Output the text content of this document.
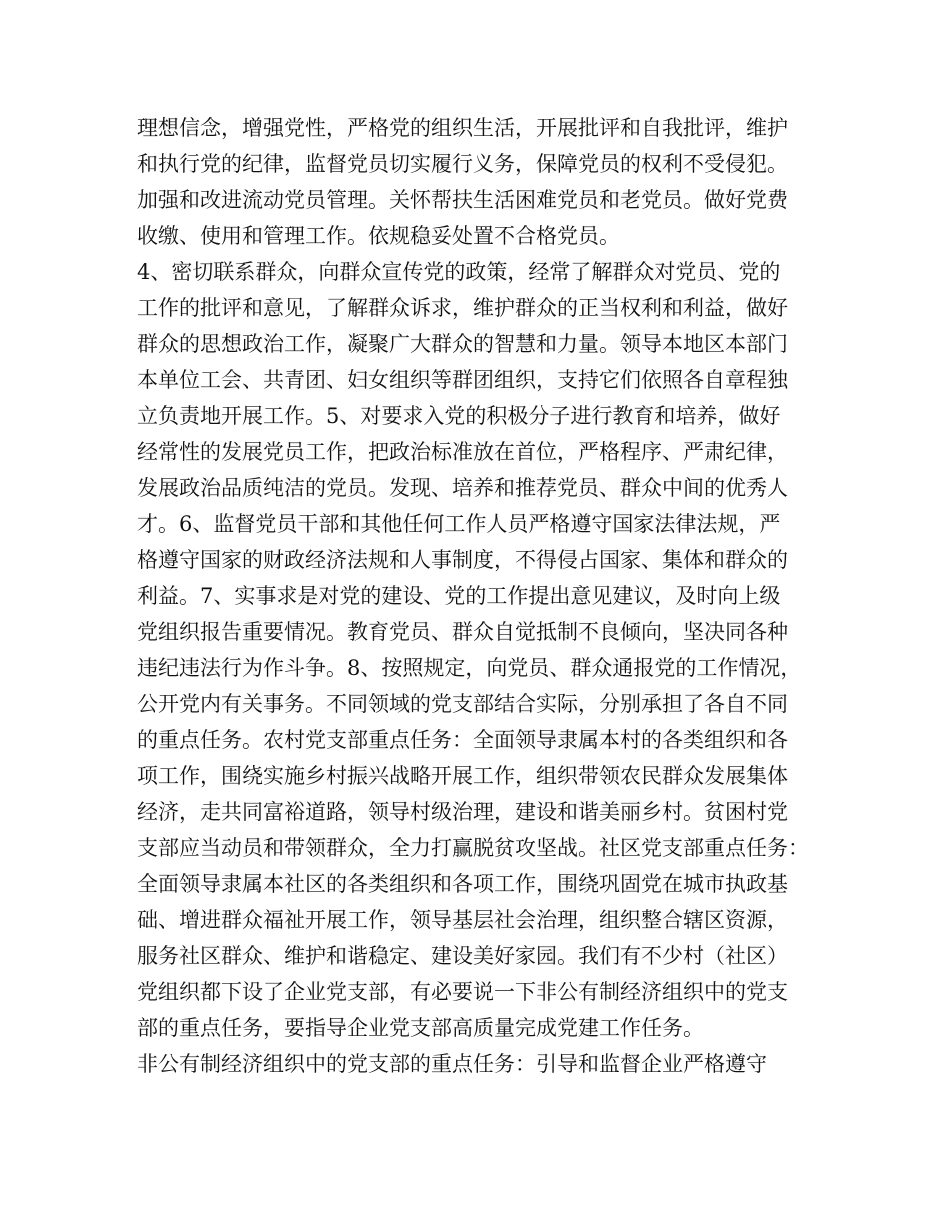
理想信念，增强党性，严格党的组织生活，开展批评和自我批评，维护
和执行党的纪律，监督党员切实履行义务，保障党员的权利不受侵犯。
加强和改进流动党员管理。关怀帮扶生活困难党员和老党员。做好党费
收缴、使用和管理工作。依规稳妥处置不合格党员。
4、密切联系群众，向群众宣传党的政策，经常了解群众对党员、党的
工作的批评和意见，了解群众诉求，维护群众的正当权利和利益，做好
群众的思想政治工作，凝聚广大群众的智慧和力量。领导本地区本部门
本单位工会、共青团、妇女组织等群团组织，支持它们依照各自章程独
立负责地开展工作。5、对要求入党的积极分子进行教育和培养，做好
经常性的发展党员工作，把政治标准放在首位，严格程序、严肃纪律，
发展政治品质纯洁的党员。发现、培养和推荐党员、群众中间的优秀人
才。6、监督党员干部和其他任何工作人员严格遵守国家法律法规，严
格遵守国家的财政经济法规和人事制度，不得侵占国家、集体和群众的
利益。7、实事求是对党的建设、党的工作提出意见建议，及时向上级
党组织报告重要情况。教育党员、群众自觉抵制不良倾向，坚决同各种
违纪违法行为作斗争。8、按照规定，向党员、群众通报党的工作情况，
公开党内有关事务。不同领域的党支部结合实际，分别承担了各自不同
的重点任务。农村党支部重点任务：全面领导隶属本村的各类组织和各
项工作，围绕实施乡村振兴战略开展工作，组织带领农民群众发展集体
经济，走共同富裕道路，领导村级治理，建设和谐美丽乡村。贫困村党
支部应当动员和带领群众，全力打赢脱贫攻坚战。社区党支部重点任务：
全面领导隶属本社区的各类组织和各项工作，围绕巩固党在城市执政基
础、增进群众福祉开展工作，领导基层社会治理，组织整合辖区资源，
服务社区群众、维护和谐稳定、建设美好家园。我们有不少村（社区）
党组织都下设了企业党支部，有必要说一下非公有制经济组织中的党支
部的重点任务，要指导企业党支部高质量完成党建工作任务。
非公有制经济组织中的党支部的重点任务：引导和监督企业严格遵守
